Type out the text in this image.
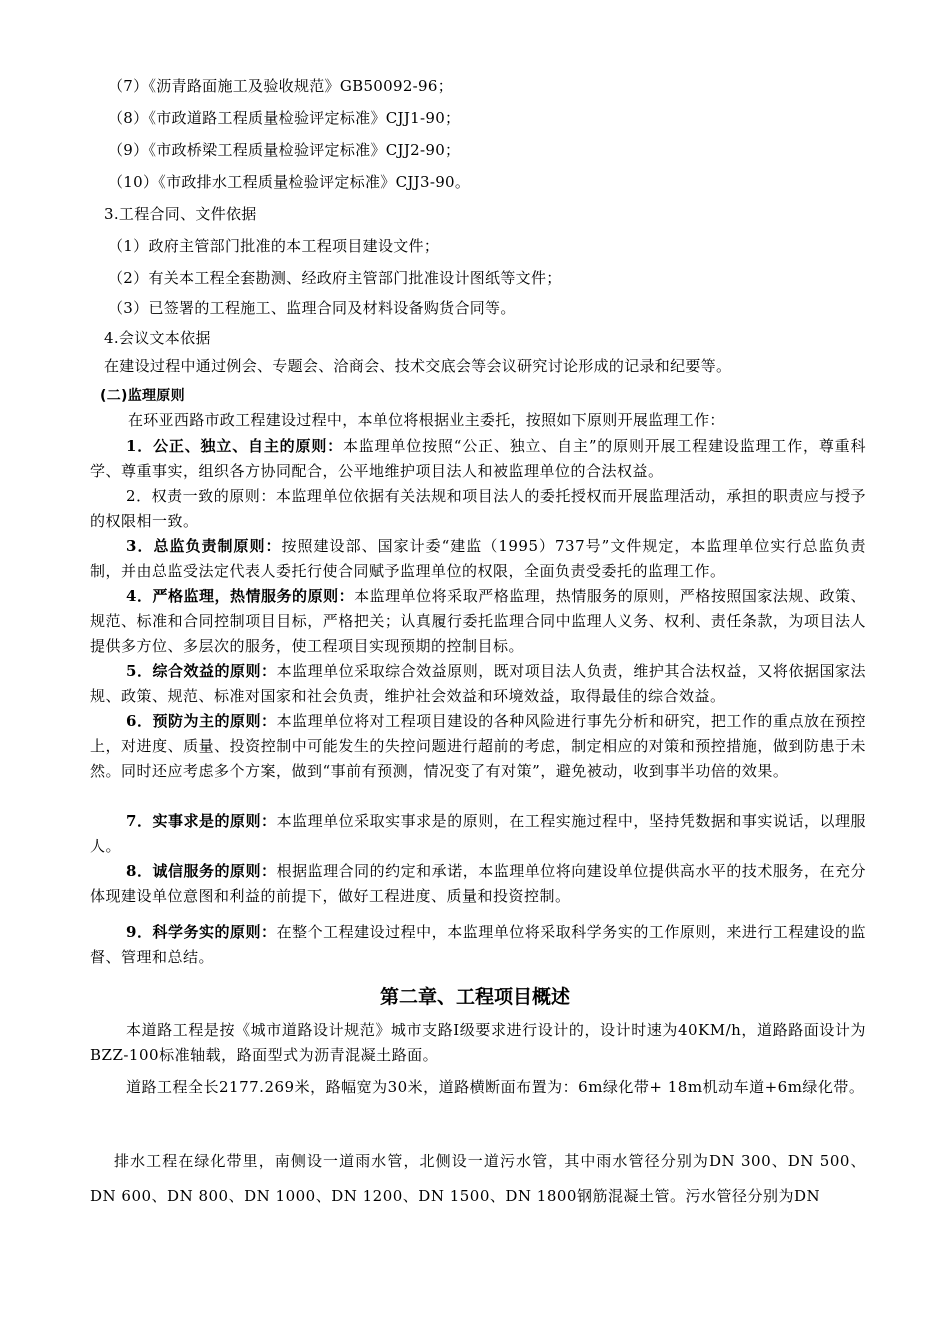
（7）《沥青路面施工及验收规范》GB50092-96；
（8）《市政道路工程质量检验评定标准》CJJ1-90；
（9）《市政桥梁工程质量检验评定标准》CJJ2-90；
（10）《市政排水工程质量检验评定标准》CJJ3-90。
3.工程合同、文件依据
（1）政府主管部门批准的本工程项目建设文件；
（2）有关本工程全套勘测、经政府主管部门批准设计图纸等文件；
（3）已签署的工程施工、监理合同及材料设备购货合同等。
4.会议文本依据
在建设过程中通过例会、专题会、洽商会、技术交底会等会议研究讨论形成的记录和纪要等。
(二)监理原则
在环亚西路市政工程建设过程中，本单位将根据业主委托，按照如下原则开展监理工作：
1．公正、独立、自主的原则：本监理单位按照“公正、独立、自主”的原则开展工程建设监理工作，尊重科学、尊重事实，组织各方协同配合，公平地维护项目法人和被监理单位的合法权益。
2．权责一致的原则：本监理单位依据有关法规和项目法人的委托授权而开展监理活动，承担的职责应与授予的权限相一致。
3．总监负责制原则：按照建设部、国家计委“建监（1995）737号”文件规定，本监理单位实行总监负责制，并由总监受法定代表人委托行使合同赋予监理单位的权限，全面负责受委托的监理工作。
4．严格监理，热情服务的原则：本监理单位将采取严格监理，热情服务的原则，严格按照国家法规、政策、规范、标准和合同控制项目目标，严格把关；认真履行委托监理合同中监理人义务、权利、责任条款，为项目法人提供多方位、多层次的服务，使工程项目实现预期的控制目标。
5．综合效益的原则：本监理单位采取综合效益原则，既对项目法人负责，维护其合法权益，又将依据国家法规、政策、规范、标准对国家和社会负责，维护社会效益和环境效益，取得最佳的综合效益。
6．预防为主的原则：本监理单位将对工程项目建设的各种风险进行事先分析和研究，把工作的重点放在预控上，对进度、质量、投资控制中可能发生的失控问题进行超前的考虑，制定相应的对策和预控措施，做到防患于未然。同时还应考虑多个方案，做到“事前有预测，情况变了有对策”，避免被动，收到事半功倍的效果。
7．实事求是的原则：本监理单位采取实事求是的原则，在工程实施过程中，坚持凭数据和事实说话，以理服人。
8．诚信服务的原则：根据监理合同的约定和承诺，本监理单位将向建设单位提供高水平的技术服务，在充分体现建设单位意图和利益的前提下，做好工程进度、质量和投资控制。
9．科学务实的原则：在整个工程建设过程中，本监理单位将采取科学务实的工作原则，来进行工程建设的监督、管理和总结。
第二章、工程项目概述
本道路工程是按《城市道路设计规范》城市支路Ⅰ级要求进行设计的，设计时速为40KM/h，道路路面设计为BZZ-100标准轴载，路面型式为沥青混凝土路面。
道路工程全长2177.269米，路幅宽为30米，道路横断面布置为：6m绿化带+ 18m机动车道+6m绿化带。
排水工程在绿化带里，南侧设一道雨水管，北侧设一道污水管，其中雨水管径分别为DN 300、DN 500、DN 600、DN 800、DN 1000、DN 1200、DN 1500、DN 1800钢筋混凝土管。污水管径分别为DN
